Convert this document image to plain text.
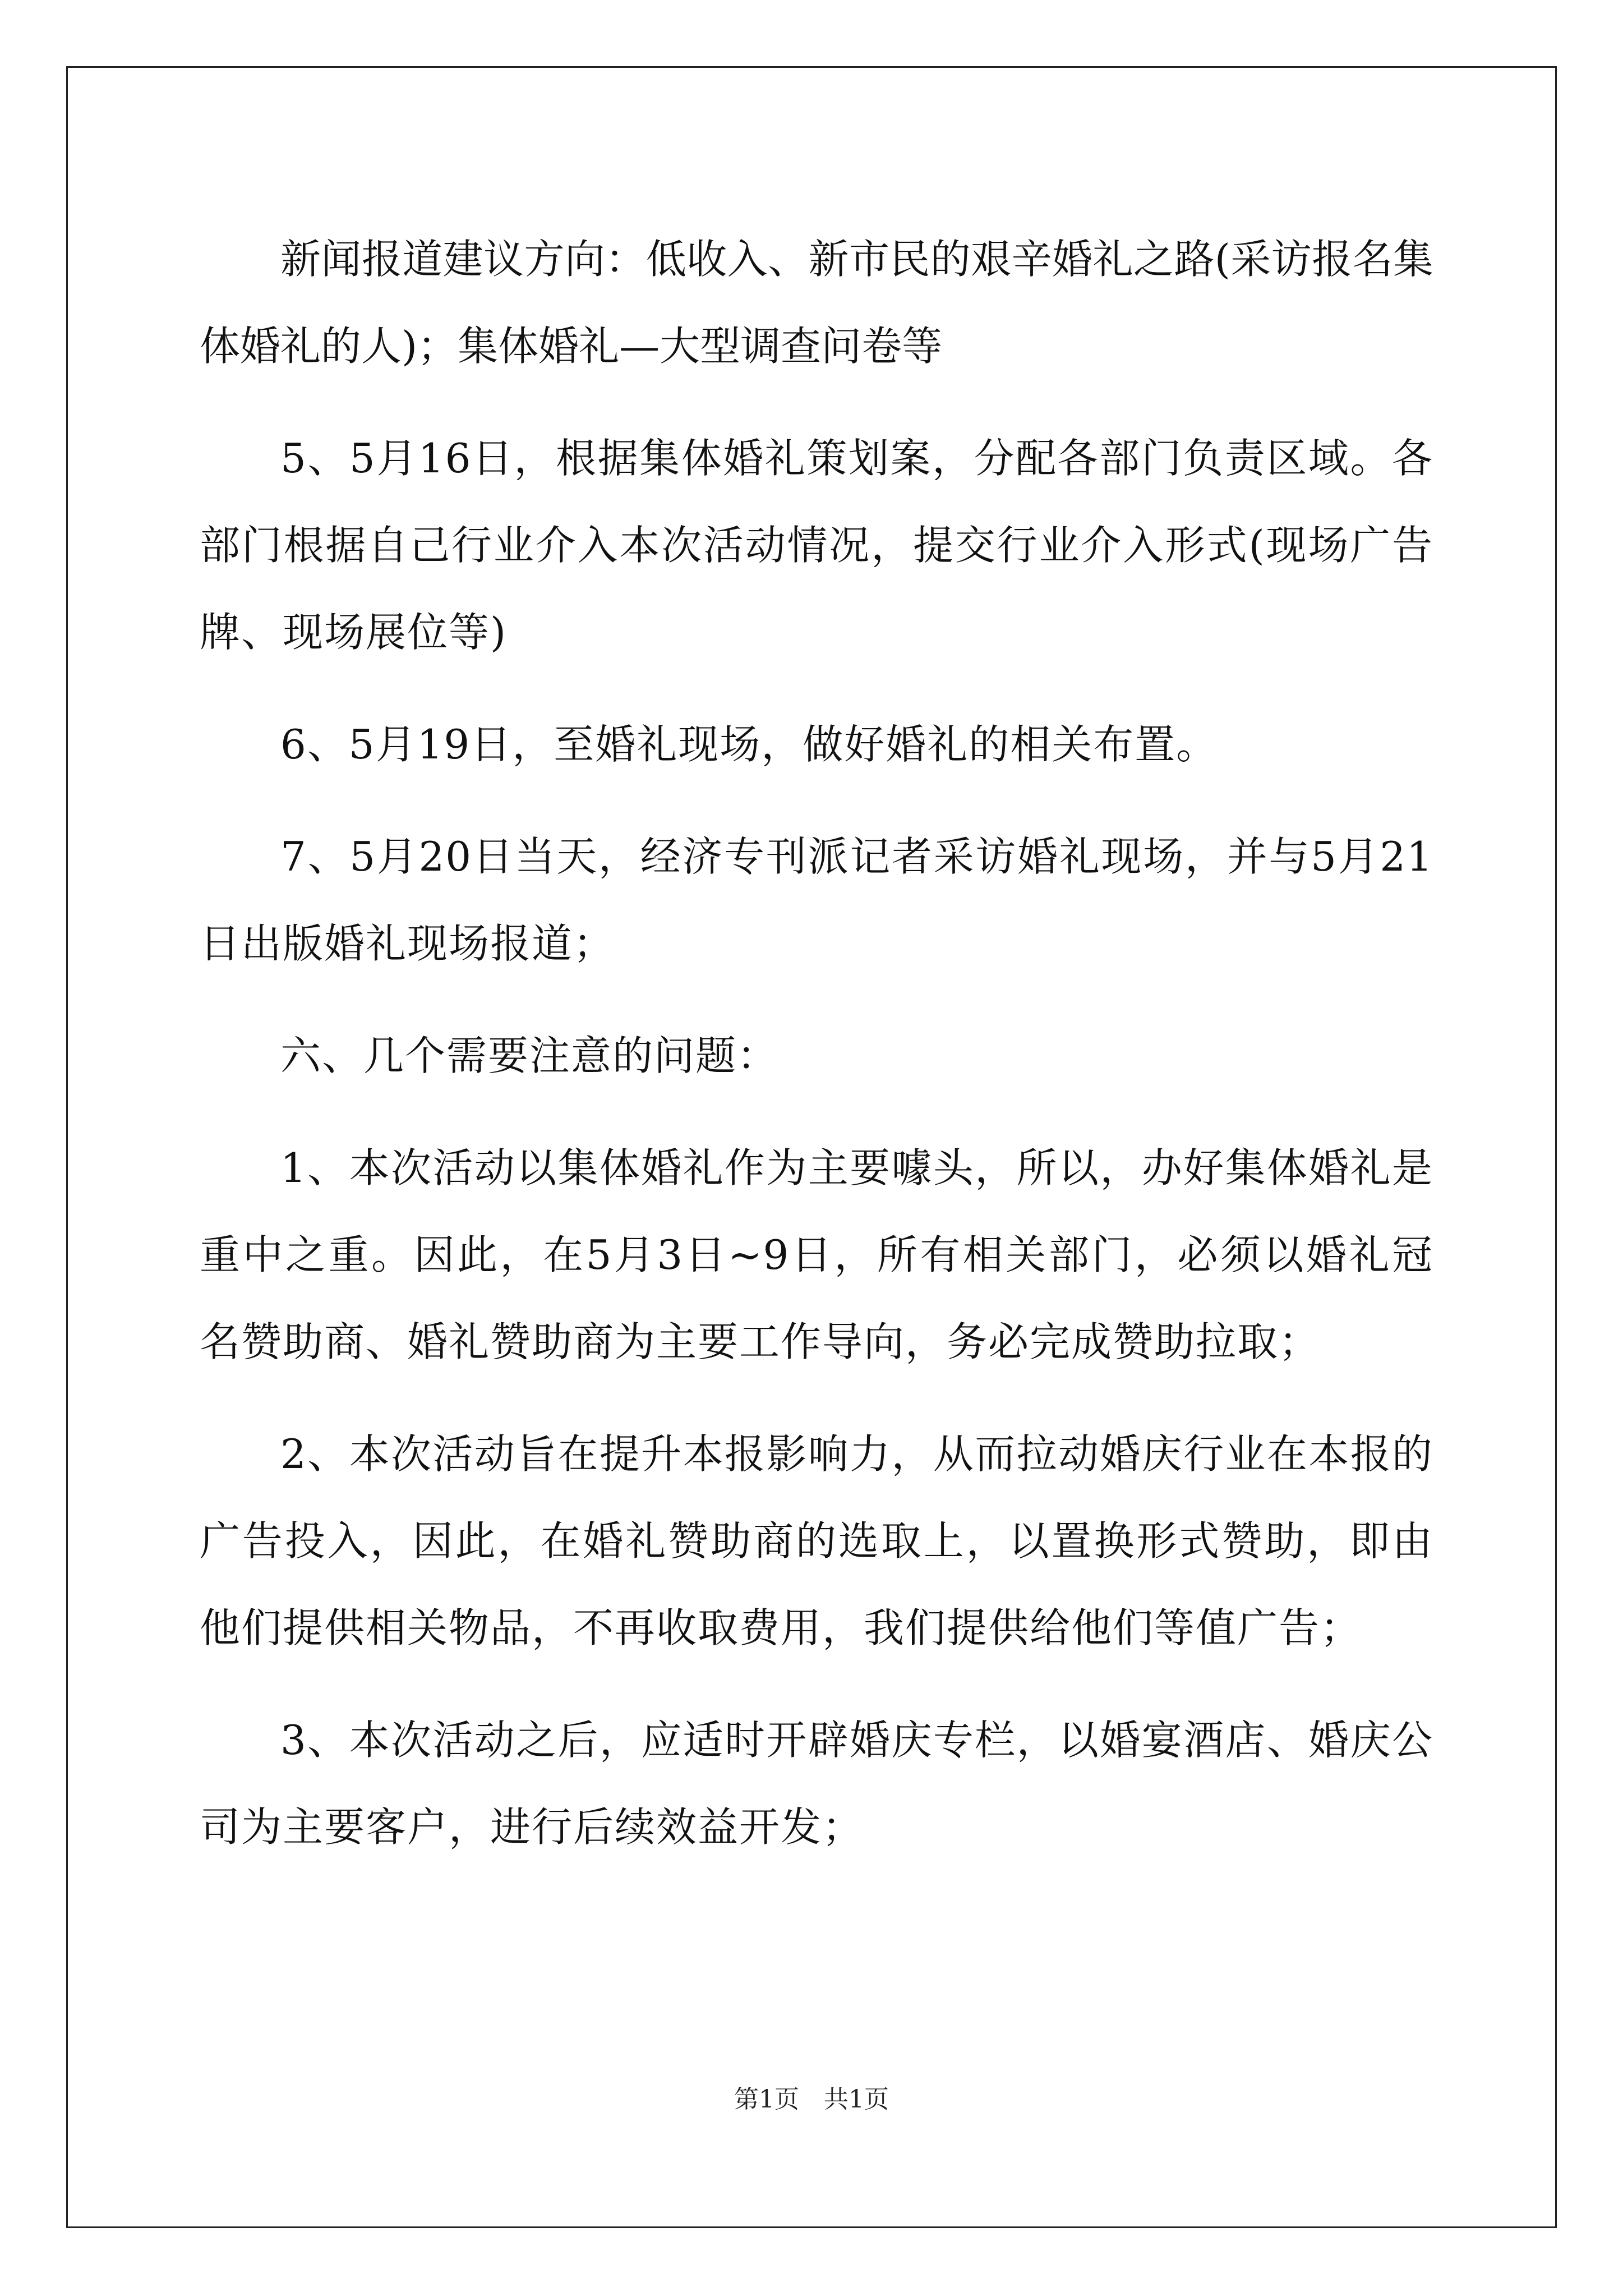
新闻报道建议方向：低收入、新市民的艰辛婚礼之路(采访报名集体婚礼的人)；集体婚礼—大型调查问卷等

5、5月16日，根据集体婚礼策划案，分配各部门负责区域。各部门根据自己行业介入本次活动情况，提交行业介入形式(现场广告牌、现场展位等)

6、5月19日，至婚礼现场，做好婚礼的相关布置。

7、5月20日当天，经济专刊派记者采访婚礼现场，并与5月21日出版婚礼现场报道；

六、几个需要注意的问题：

1、本次活动以集体婚礼作为主要噱头，所以，办好集体婚礼是重中之重。因此，在5月3日~9日，所有相关部门，必须以婚礼冠名赞助商、婚礼赞助商为主要工作导向，务必完成赞助拉取；

2、本次活动旨在提升本报影响力，从而拉动婚庆行业在本报的广告投入，因此，在婚礼赞助商的选取上，以置换形式赞助，即由他们提供相关物品，不再收取费用，我们提供给他们等值广告；

3、本次活动之后，应适时开辟婚庆专栏，以婚宴酒店、婚庆公司为主要客户，进行后续效益开发；

第1页　共1页
